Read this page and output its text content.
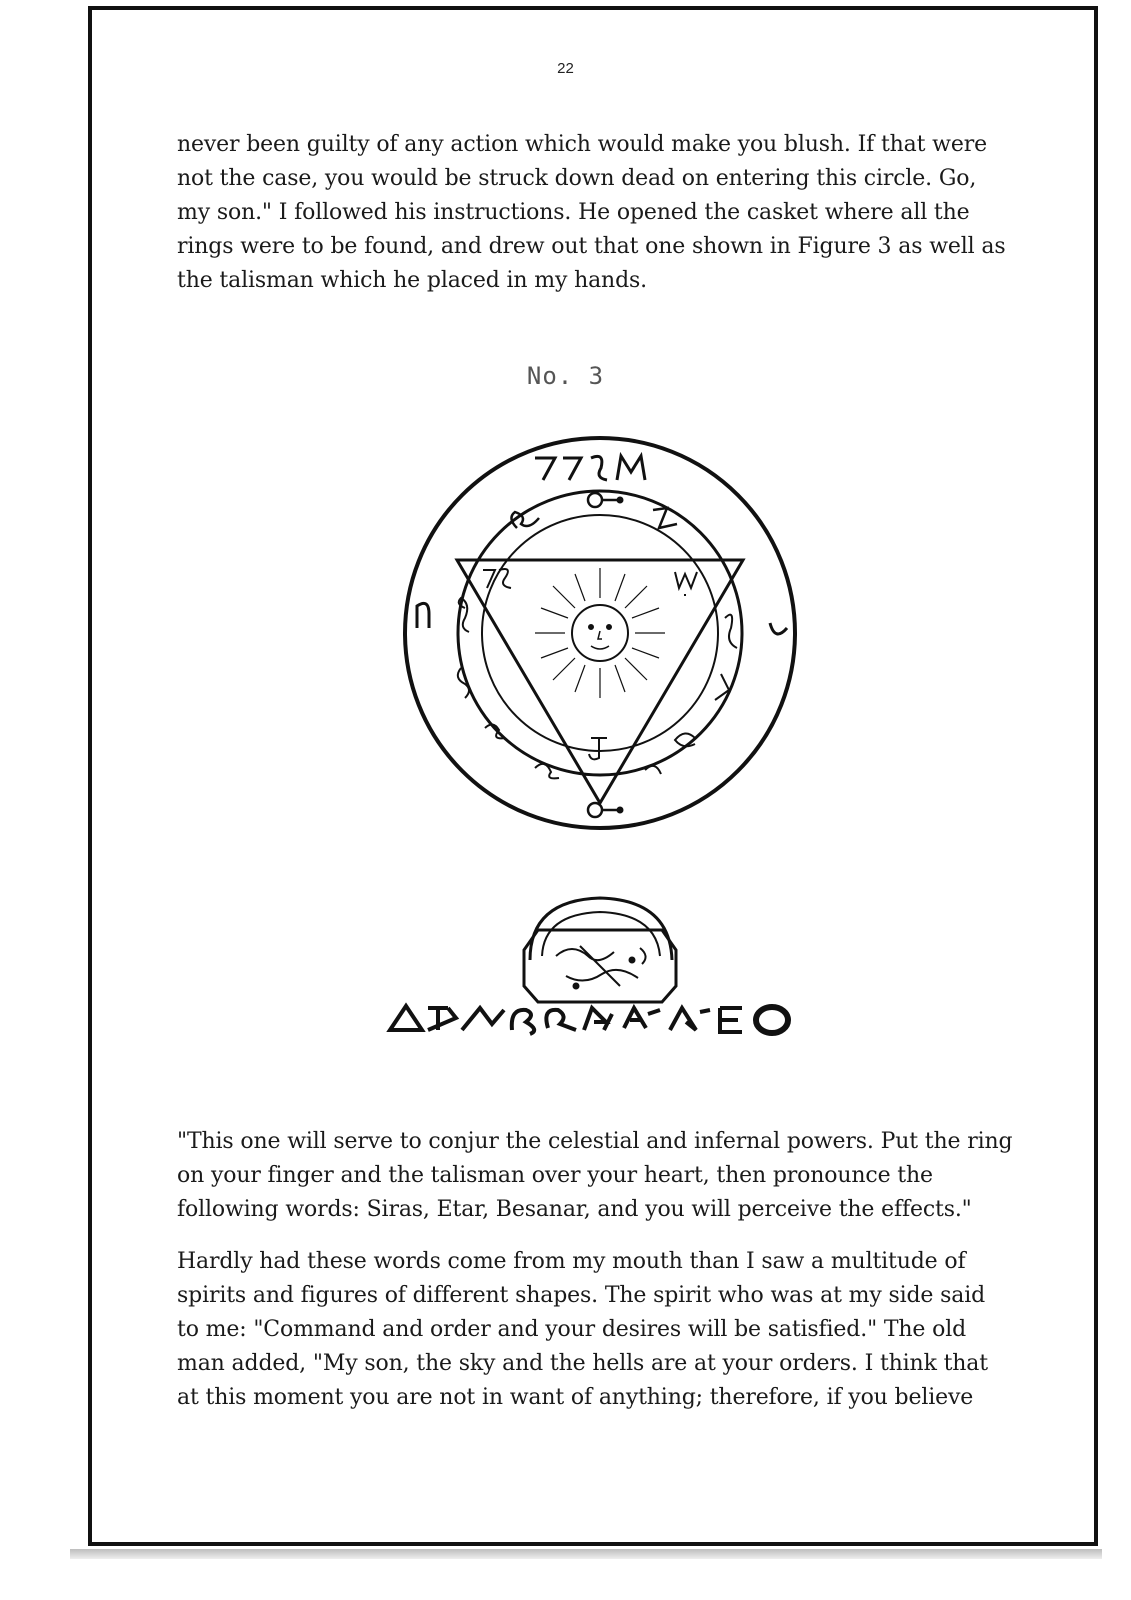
22

never been guilty of any action which would make you blush. If that were not the case, you would be struck down dead on entering this circle. Go, my son." I followed his instructions. He opened the casket where all the rings were to be found, and drew out that one shown in Figure 3 as well as the talisman which he placed in my hands.

No. 3

"This one will serve to conjur the celestial and infernal powers. Put the ring on your finger and the talisman over your heart, then pronounce the following words: Siras, Etar, Besanar, and you will perceive the effects."

Hardly had these words come from my mouth than I saw a multitude of spirits and figures of different shapes. The spirit who was at my side said to me: "Command and order and your desires will be satisfied." The old man added, "My son, the sky and the hells are at your orders. I think that at this moment you are not in want of anything; therefore, if you believe
